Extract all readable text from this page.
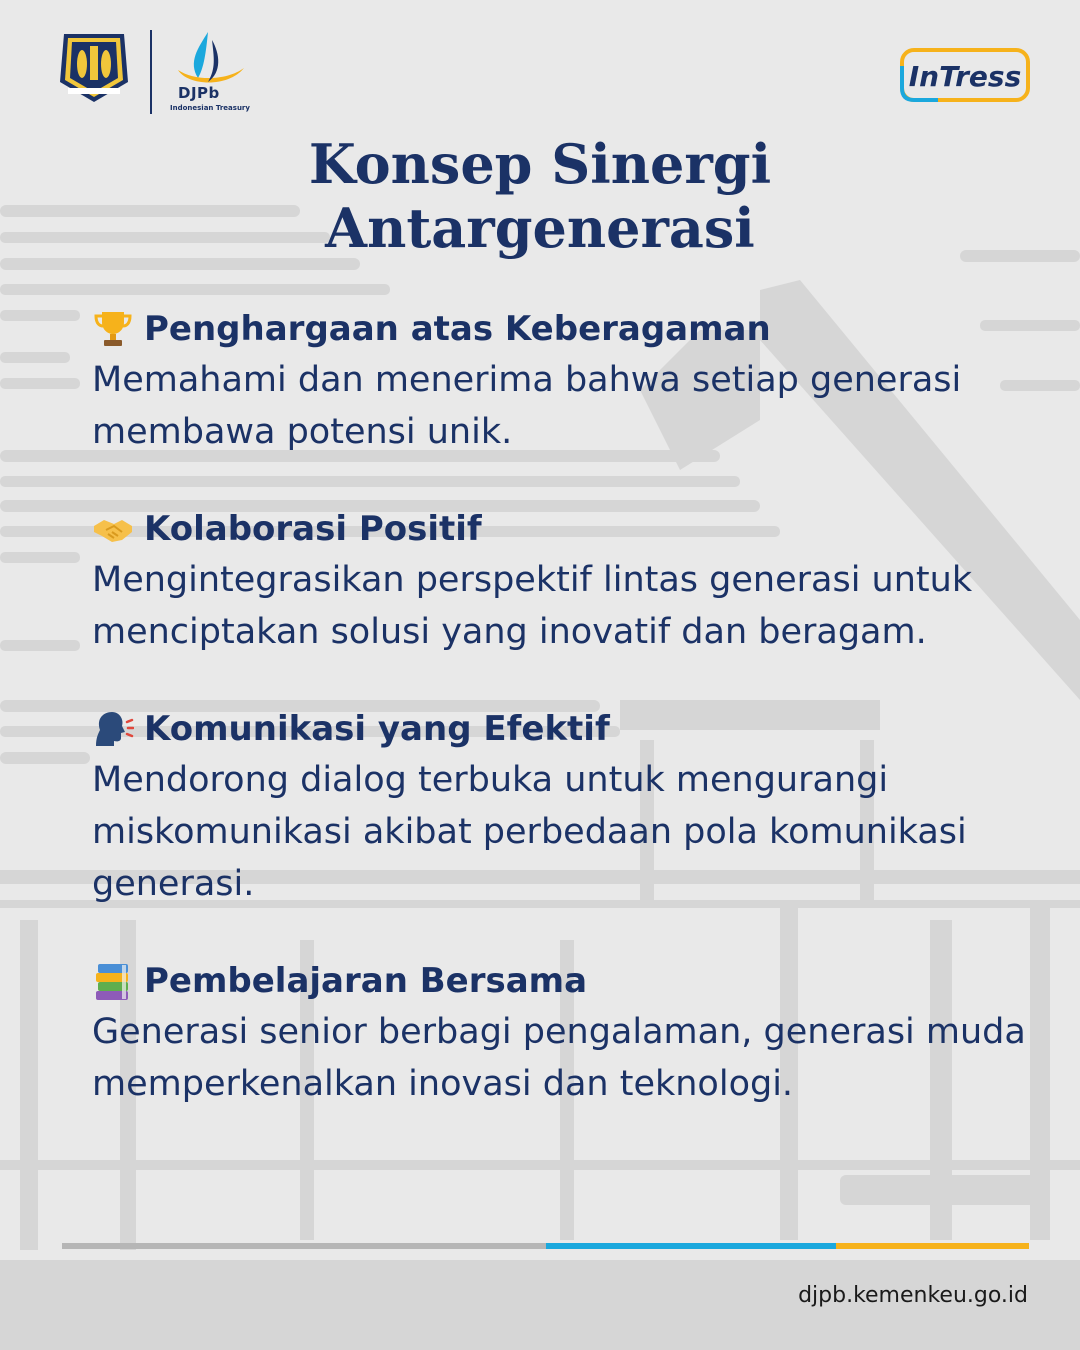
DJPb
Indonesian Treasury
InTress
Konsep Sinergi
Antargenerasi
Penghargaan atas Keberagaman
Memahami dan menerima bahwa setiap generasi membawa potensi unik.
Kolaborasi Positif
Mengintegrasikan perspektif lintas generasi untuk menciptakan solusi yang inovatif dan beragam.
Komunikasi yang Efektif
Mendorong dialog terbuka untuk mengurangi miskomunikasi akibat perbedaan pola komunikasi generasi.
Pembelajaran Bersama
Generasi senior berbagi pengalaman, generasi muda memperkenalkan inovasi dan teknologi.
djpb.kemenkeu.go.id
